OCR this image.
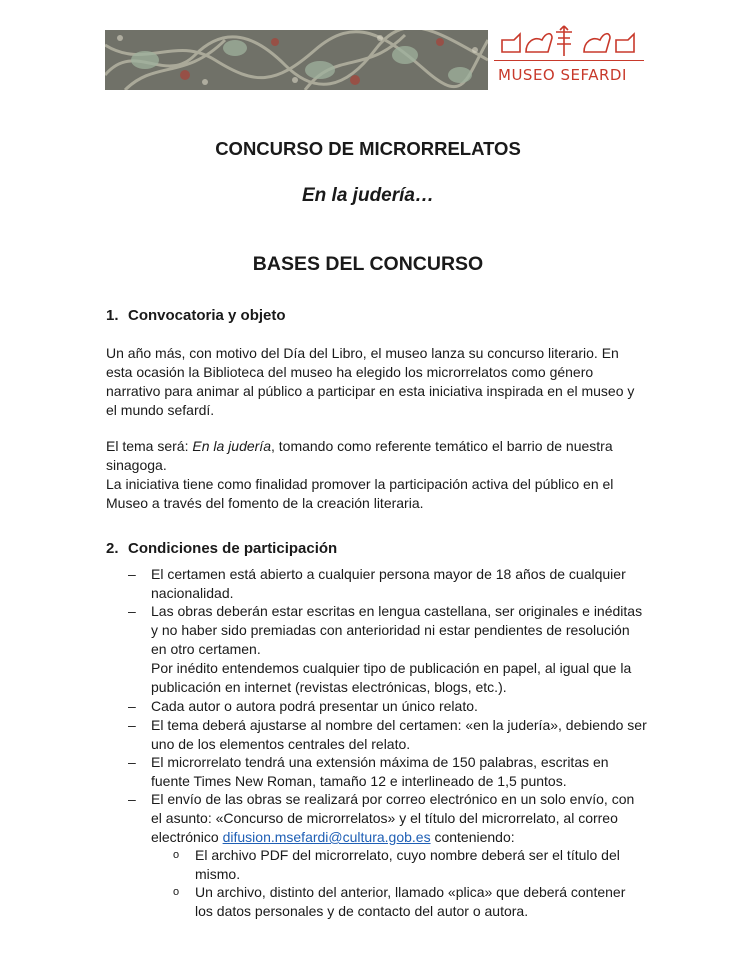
MUSEO SEFARDI
CONCURSO DE MICRORRELATOS
En la judería…
BASES DEL CONCURSO
1. Convocatoria y objeto
Un año más, con motivo del Día del Libro, el museo lanza su concurso literario. En
esta ocasión la Biblioteca del museo ha elegido los microrrelatos como género
narrativo para animar al público a participar en esta iniciativa inspirada en el museo y
el mundo sefardí.
El tema será: En la judería, tomando como referente temático el barrio de nuestra
sinagoga.
La iniciativa tiene como finalidad promover la participación activa del público en el
Museo a través del fomento de la creación literaria.
2. Condiciones de participación
– El certamen está abierto a cualquier persona mayor de 18 años de cualquier
nacionalidad.
– Las obras deberán estar escritas en lengua castellana, ser originales e inéditas
y no haber sido premiadas con anterioridad ni estar pendientes de resolución
en otro certamen.
Por inédito entendemos cualquier tipo de publicación en papel, al igual que la
publicación en internet (revistas electrónicas, blogs, etc.).
– Cada autor o autora podrá presentar un único relato.
– El tema deberá ajustarse al nombre del certamen: «en la judería», debiendo ser
uno de los elementos centrales del relato.
– El microrrelato tendrá una extensión máxima de 150 palabras, escritas en
fuente Times New Roman, tamaño 12 e interlineado de 1,5 puntos.
– El envío de las obras se realizará por correo electrónico en un solo envío, con
el asunto: «Concurso de microrrelatos» y el título del microrrelato, al correo
electrónico difusion.msefardi@cultura.gob.es conteniendo:
o El archivo PDF del microrrelato, cuyo nombre deberá ser el título del
mismo.
o Un archivo, distinto del anterior, llamado «plica» que deberá contener
los datos personales y de contacto del autor o autora.
